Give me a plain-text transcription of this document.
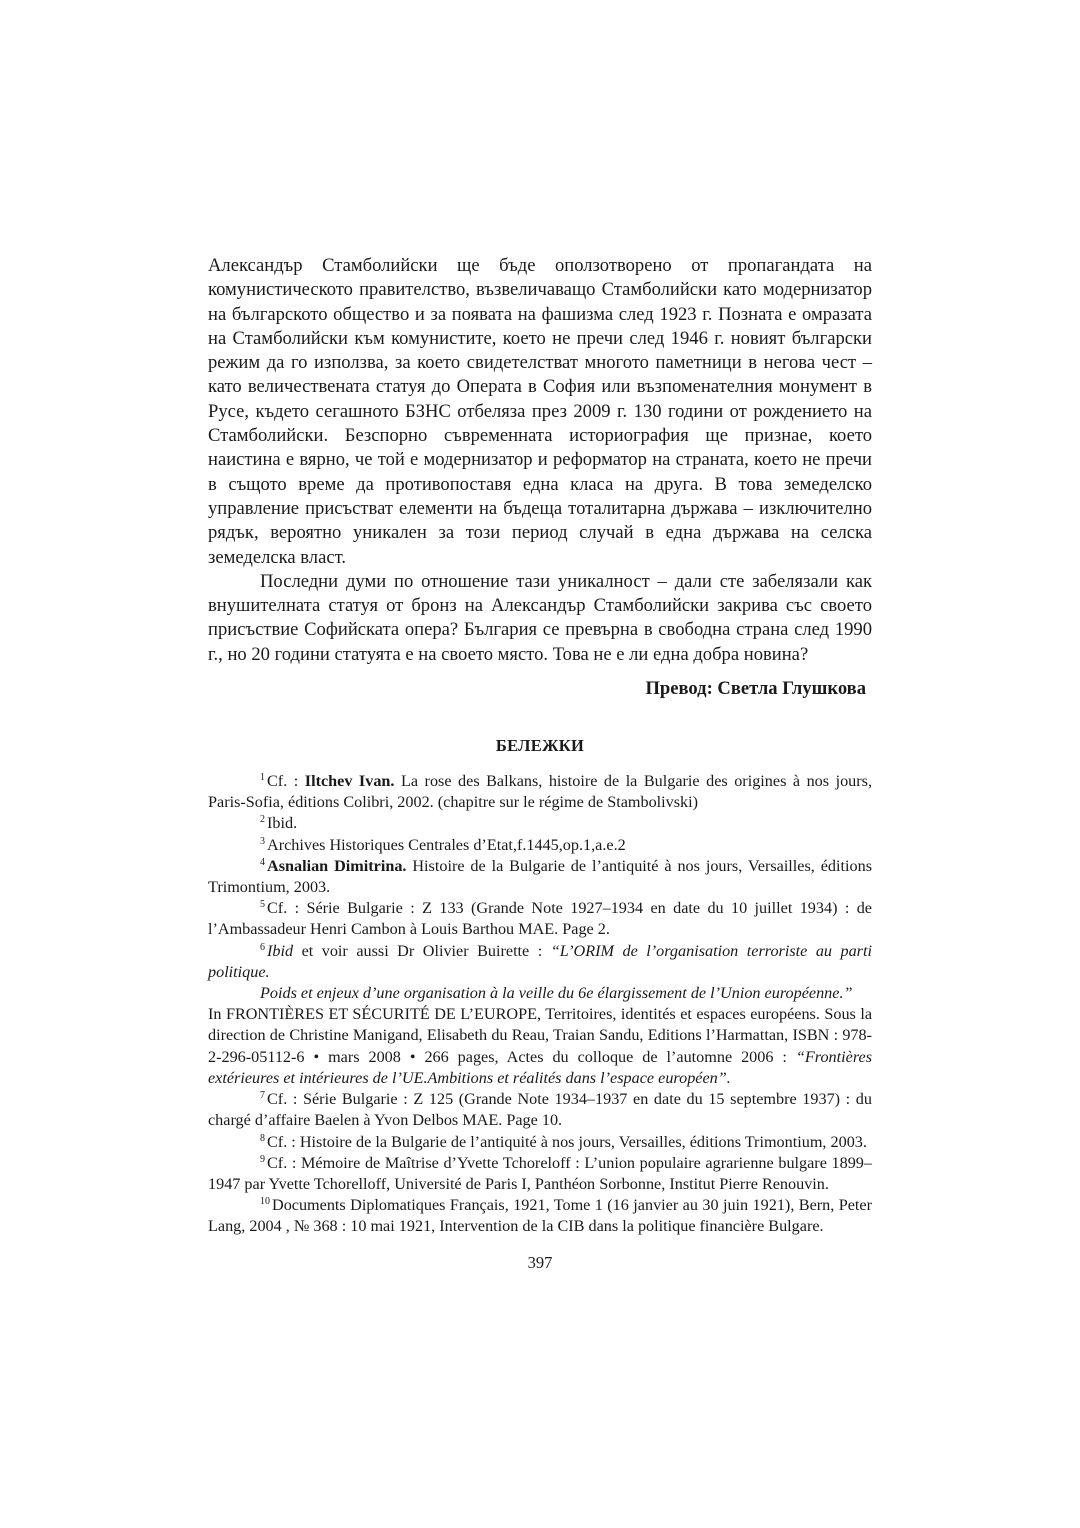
Александър Стамболийски ще бъде оползотворено от пропагандата на комунистическото правителство, възвеличаващо Стамболийски като модернизатор на българското общество и за появата на фашизма след 1923 г. Позната е омразата на Стамболийски към комунистите, което не пречи след 1946 г. новият български режим да го използва, за което свидетелстват многото паметници в негова чест – като величествената статуя до Операта в София или възпоменателния монумент в Русе, където сегашното БЗНС отбеляза през 2009 г. 130 години от рождението на Стамболийски. Безспорно съвременната историография ще признае, което наистина е вярно, че той е модернизатор и реформатор на страната, което не пречи в същото време да противопоставя една класа на друга. В това земеделско управление присъстват елементи на бъдеща тоталитарна държава – изключително рядък, вероятно уникален за този период случай в една държава на селска земеделска власт.

Последни думи по отношение тази уникалност – дали сте забелязали как внушителната статуя от бронз на Александър Стамболийски закрива със своето присъствие Софийската опера? България се превърна в свободна страна след 1990 г., но 20 години статуята е на своето място. Това не е ли една добра новина?

Превод: Светла Глушкова
БЕЛЕЖКИ

$^1$ Cf. : Iltchev Ivan. La rose des Balkans, histoire de la Bulgarie des origines à nos jours, Paris-Sofia, éditions Colibri, 2002. (chapitre sur le régime de Stambolivski)

$^2$ Ibid.

$^3$ Archives Historiques Centrales d’Etat,f.1445,op.1,a.e.2

$^4$ Asnalian Dimitrina. Histoire de la Bulgarie de l’antiquité à nos jours, Versailles, éditions Trimontium, 2003.

$^5$ Cf. : Série Bulgarie : Z 133 (Grande Note 1927–1934 en date du 10 juillet 1934) : de l’Ambassadeur Henri Cambon à Louis Barthou MAE. Page 2.

$^6$ Ibid et voir aussi Dr Olivier Buirette : “L’ORIM de l’organisation terroriste au parti politique.

Poids et enjeux d’une organisation à la veille du 6e élargissement de l’Union européenne.”

In FRONTIÈRES ET SÉCURITÉ DE L’EUROPE, Territoires, identités et espaces européens. Sous la direction de Christine Manigand, Elisabeth du Reau, Traian Sandu, Editions l’Harmattan, ISBN : 978-2-296-05112-6 • mars 2008 • 266 pages, Actes du colloque de l’automne 2006 : “Frontières extérieures et intérieures de l’UE.Ambitions et réalités dans l’espace européen”.

$^7$ Cf. : Série Bulgarie : Z 125 (Grande Note 1934–1937 en date du 15 septembre 1937) : du chargé d’affaire Baelen à Yvon Delbos MAE. Page 10.

$^8$ Cf. : Histoire de la Bulgarie de l’antiquité à nos jours, Versailles, éditions Trimontium, 2003.

$^9$ Cf. : Mémoire de Maîtrise d’Yvette Tchoreloff : L’union populaire agrarienne bulgare 1899–1947 par Yvette Tchorelloff, Université de Paris I, Panthéon Sorbonne, Institut Pierre Renouvin.

$^{10}$ Documents Diplomatiques Français, 1921, Tome 1 (16 janvier au 30 juin 1921), Bern, Peter Lang, 2004 , № 368 : 10 mai 1921, Intervention de la CIB dans la politique financière Bulgare.

397
